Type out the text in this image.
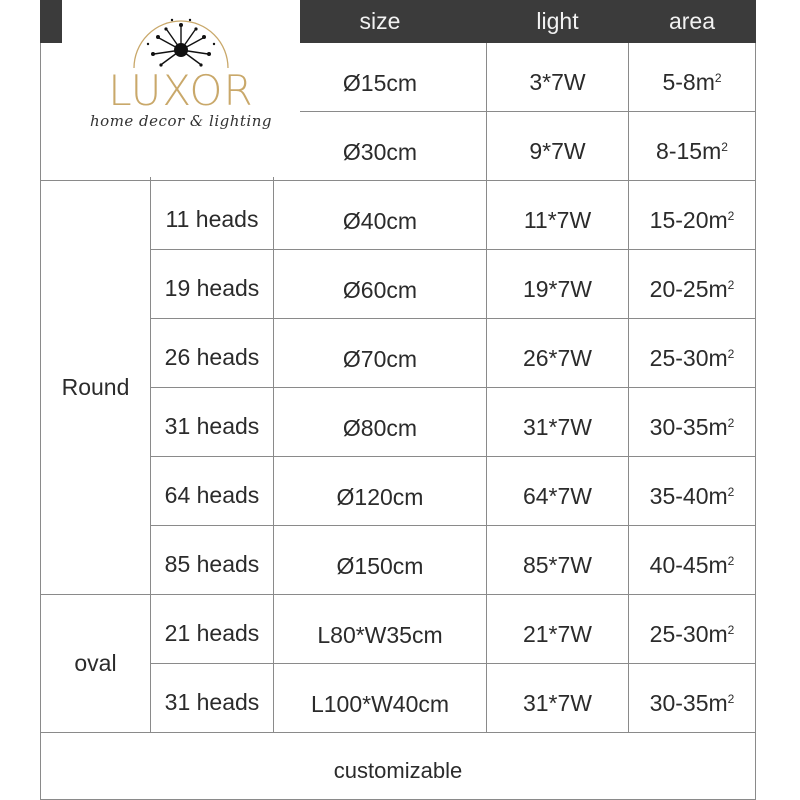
		size	light	area
		Ø15cm	3*7W	$5-8m^2$
		Ø30cm	9*7W	$8-15m^2$
Round	11 heads	Ø40cm	11*7W	$15-20m^2$
	19 heads	Ø60cm	19*7W	$20-25m^2$
	26 heads	Ø70cm	26*7W	$25-30m^2$
	31 heads	Ø80cm	31*7W	$30-35m^2$
	64 heads	Ø120cm	64*7W	$35-40m^2$
	85 heads	Ø150cm	85*7W	$40-45m^2$
oval	21 heads	L80*W35cm	21*7W	$25-30m^2$
	31 heads	L100*W40cm	31*7W	$30-35m^2$
customizable				
LUXOR
home decor & lighting
